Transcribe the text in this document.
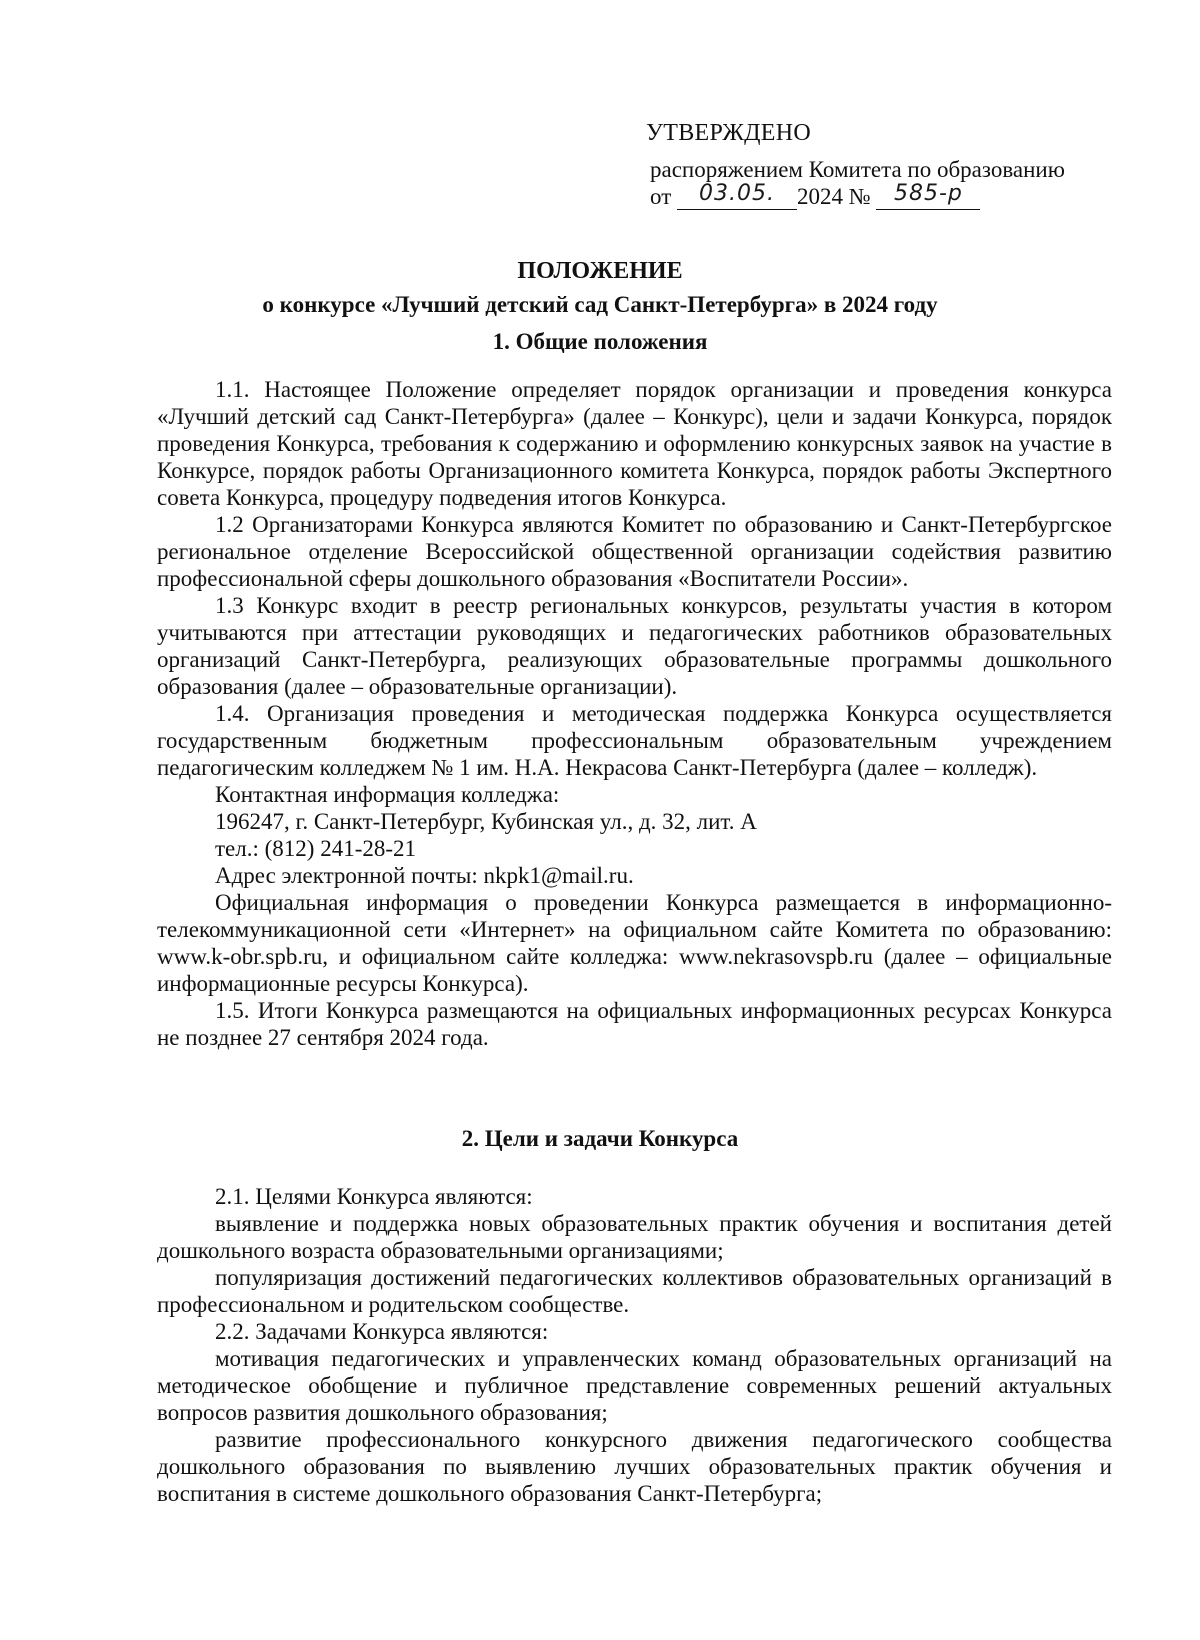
УТВЕРЖДЕНО

распоряжением Комитета по образованию

от 03.05. 2024 № 585-р

ПОЛОЖЕНИЕ
о конкурсе «Лучший детский сад Санкт-Петербурга» в 2024 году
1. Общие положения

1.1. Настоящее Положение определяет порядок организации и проведения конкурса «Лучший детский сад Санкт-Петербурга» (далее – Конкурс), цели и задачи Конкурса, порядок проведения Конкурса, требования к содержанию и оформлению конкурсных заявок на участие в Конкурсе, порядок работы Организационного комитета Конкурса, порядок работы Экспертного совета Конкурса, процедуру подведения итогов Конкурса.

1.2 Организаторами Конкурса являются Комитет по образованию и Санкт-Петербургское региональное отделение Всероссийской общественной организации содействия развитию профессиональной сферы дошкольного образования «Воспитатели России».

1.3 Конкурс входит в реестр региональных конкурсов, результаты участия в котором учитываются при аттестации руководящих и педагогических работников образовательных организаций Санкт-Петербурга, реализующих образовательные программы дошкольного образования (далее – образовательные организации).

1.4. Организация проведения и методическая поддержка Конкурса осуществляется государственным бюджетным профессиональным образовательным учреждением педагогическим колледжем № 1 им. Н.А. Некрасова Санкт-Петербурга (далее – колледж).

Контактная информация колледжа:

196247, г. Санкт-Петербург, Кубинская ул., д. 32, лит. А

тел.: (812) 241-28-21

Адрес электронной почты: nkpk1@mail.ru.

Официальная информация о проведении Конкурса размещается в информационно-телекоммуникационной сети «Интернет» на официальном сайте Комитета по образованию: www.k-obr.spb.ru, и официальном сайте колледжа: www.nekrasovspb.ru (далее – официальные информационные ресурсы Конкурса).

1.5. Итоги Конкурса размещаются на официальных информационных ресурсах Конкурса не позднее 27 сентября 2024 года.

2. Цели и задачи Конкурса

2.1. Целями Конкурса являются:

выявление и поддержка новых образовательных практик обучения и воспитания детей дошкольного возраста образовательными организациями;

популяризация достижений педагогических коллективов образовательных организаций в профессиональном и родительском сообществе.

2.2. Задачами Конкурса являются:

мотивация педагогических и управленческих команд образовательных организаций на методическое обобщение и публичное представление современных решений актуальных вопросов развития дошкольного образования;

развитие профессионального конкурсного движения педагогического сообщества дошкольного образования по выявлению лучших образовательных практик обучения и воспитания в системе дошкольного образования Санкт-Петербурга;
